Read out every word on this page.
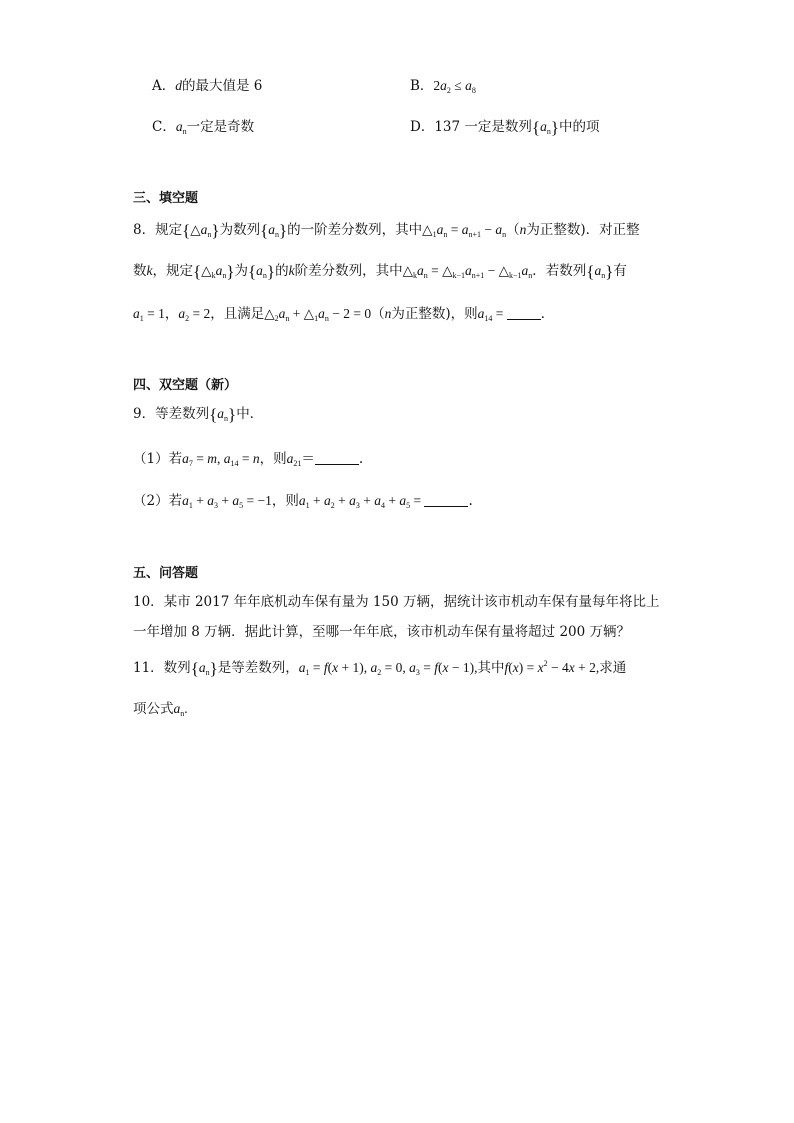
A．d的最大值是 6	B．$2a_2 \le a_8$
C．$a_n$一定是奇数	D．137 一定是数列$\{a_n\}$中的项
三、填空题
8．规定$\{\triangle a_n\}$为数列$\{a_n\}$的一阶差分数列，其中$\triangle_1a_n = a_{n+1} - a_n(n$为正整数)．对正整
数k，规定$\{\triangle_ka_n\}$为$\{a_n\}$的k阶差分数列，其中$\triangle_ka_n$ = $\triangle_{k-1}a_{n+1}$ − $\triangle_{k-1}a_n$．若数列$\{a_n\}$有
$a_1 = 1$，$a_2 = 2$，且满足$\triangle_2a_n$ + $\triangle_1a_n - 2 = 0(n$为正整数)，则$a_{14}$ =	．
四、双空题（新）
9．等差数列$\{a_n\}$中．
（1）若$a_7 = m$, $a_{14} = n$，则$a_{21}=$	.
（2）若$a_1 + a_3 + a_5 = -1$，则$a_1 + a_2 + a_3 + a_4 + a_5$ =	.
五、问答题
10．某市 2017 年年底机动车保有量为 150 万辆，据统计该市机动车保有量每年将比上
一年增加 8 万辆．据此计算，至哪一年年底，该市机动车保有量将超过 200 万辆？
11．数列$\{a_n\}$是等差数列，$a_1 = f(x + 1)$, $a_2 = 0$, $a_3 = f(x - 1)$,其中$f(x) = x^2 - 4x + 2$,求通
项公式$a_n$.
